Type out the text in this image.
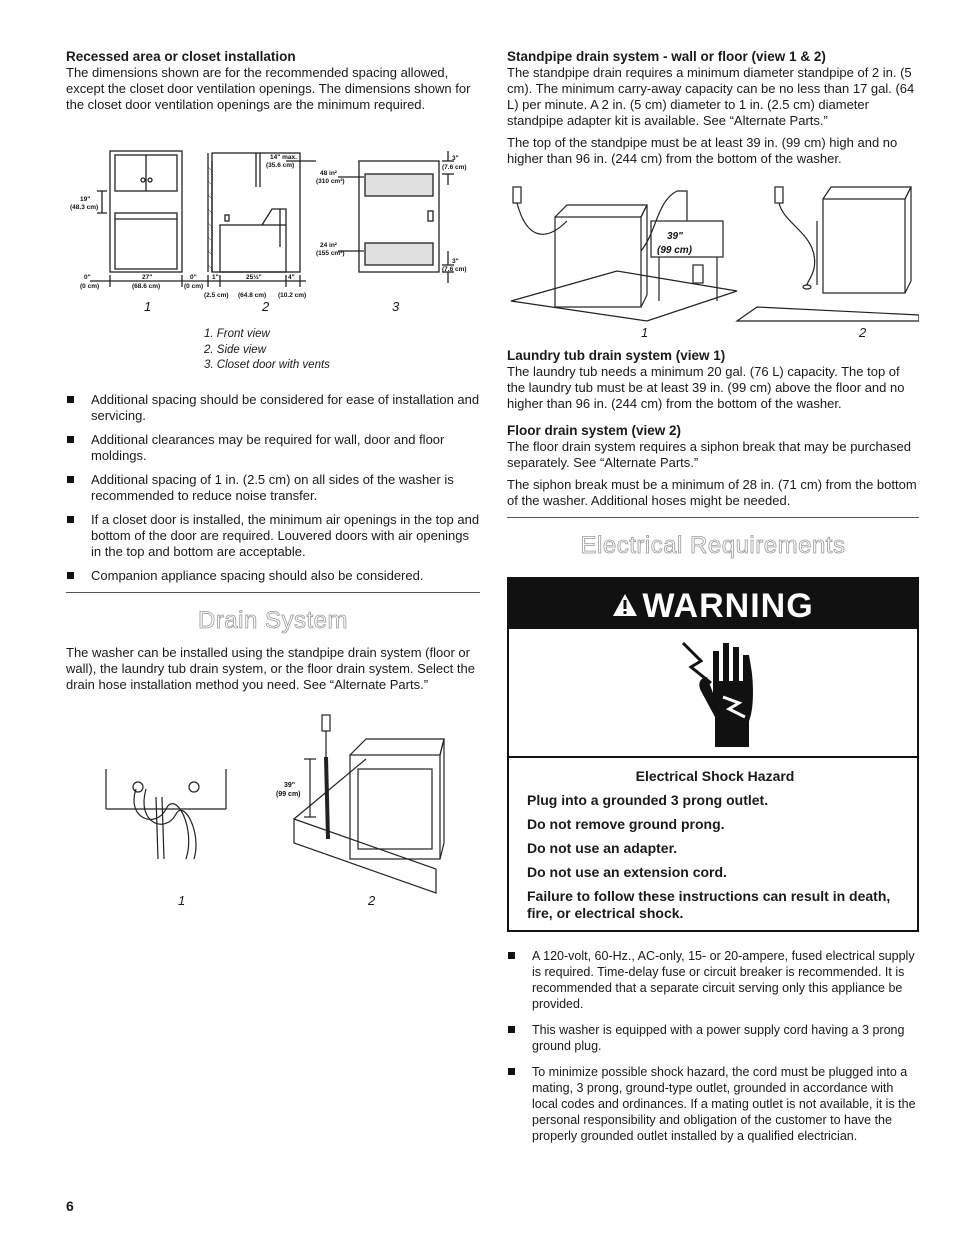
Recessed area or closet installation

The dimensions shown are for the recommended spacing allowed, except the closet door ventilation openings. The dimensions shown for the closet door ventilation openings are the minimum required.

19"
(48.3 cm)
0"
(0 cm)
27"
(68.6 cm)
0"
(0 cm)
1"
(2.5 cm)
25½"
(64.8 cm)
4"
(10.2 cm)
14" max.
(35.6 cm)
48 in²
(310 cm²)
24 in²
(155 cm²)
3"
(7.6 cm)
3"
(7.6 cm)
1	2	3
1. Front view
2. Side view
3. Closet door with vents
Additional spacing should be considered for ease of installation and servicing.
Additional clearances may be required for wall, door and floor moldings.
Additional spacing of 1 in. (2.5 cm) on all sides of the washer is recommended to reduce noise transfer.
If a closet door is installed, the minimum air openings in the top and bottom of the door are required. Louvered doors with air openings in the top and bottom are acceptable.
Companion appliance spacing should also be considered.
Drain System

The washer can be installed using the standpipe drain system (floor or wall), the laundry tub drain system, or the floor drain system. Select the drain hose installation method you need. See “Alternate Parts.”

39"
(99 cm)
1	2
Standpipe drain system - wall or floor (view 1 & 2)

The standpipe drain requires a minimum diameter standpipe of 2 in. (5 cm). The minimum carry-away capacity can be no less than 17 gal. (64 L) per minute. A 2 in. (5 cm) diameter to 1 in. (2.5 cm) diameter standpipe adapter kit is available. See “Alternate Parts.”

The top of the standpipe must be at least 39 in. (99 cm) high and no higher than 96 in. (244 cm) from the bottom of the washer.

39"
(99 cm)
1	2
Laundry tub drain system (view 1)

The laundry tub needs a minimum 20 gal. (76 L) capacity. The top of the laundry tub must be at least 39 in. (99 cm) above the floor and no higher than 96 in. (244 cm) from the bottom of the washer.

Floor drain system (view 2)

The floor drain system requires a siphon break that may be purchased separately. See “Alternate Parts.”

The siphon break must be a minimum of 28 in. (71 cm) from the bottom of the washer. Additional hoses might be needed.

Electrical Requirements
WARNING
Electrical Shock Hazard
Plug into a grounded 3 prong outlet.
Do not remove ground prong.
Do not use an adapter.
Do not use an extension cord.
Failure to follow these instructions can result in death, fire, or electrical shock.
A 120-volt, 60-Hz., AC-only, 15- or 20-ampere, fused electrical supply is required. Time-delay fuse or circuit breaker is recommended. It is recommended that a separate circuit serving only this appliance be provided.
This washer is equipped with a power supply cord having a 3 prong ground plug.
To minimize possible shock hazard, the cord must be plugged into a mating, 3 prong, ground-type outlet, grounded in accordance with local codes and ordinances. If a mating outlet is not available, it is the personal responsibility and obligation of the customer to have the properly grounded outlet installed by a qualified electrician.
6
